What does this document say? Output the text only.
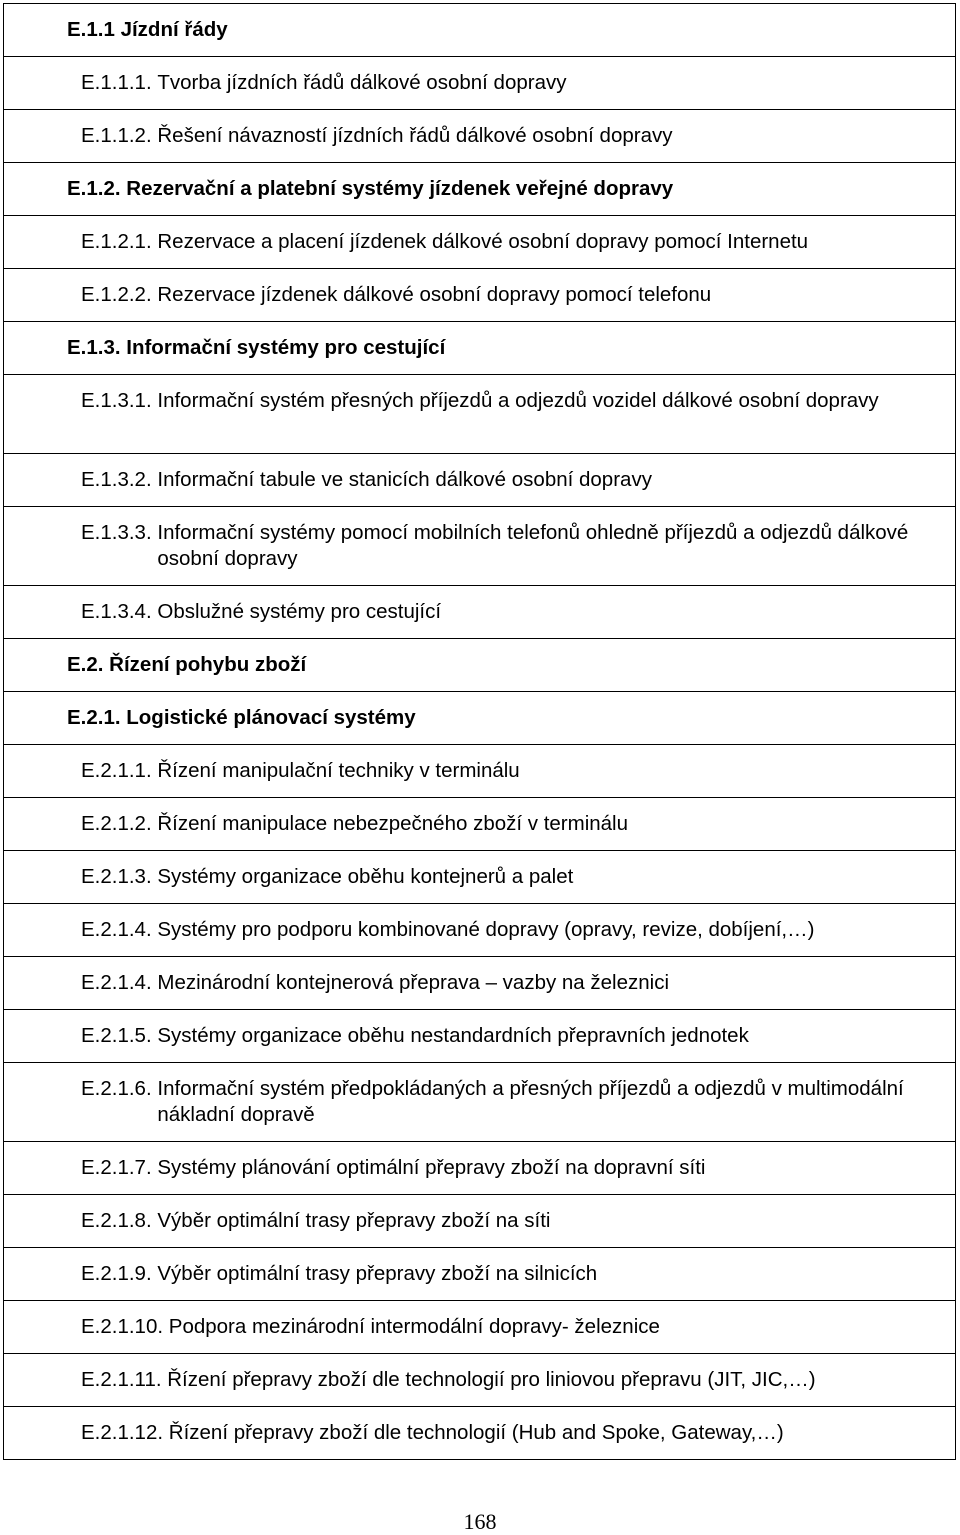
E.1.1
Jízdní řády

E.1.1.1.
Tvorba jízdních řádů dálkové osobní dopravy

E.1.1.2.
Řešení návazností jízdních řádů dálkové osobní dopravy

E.1.2.
Rezervační a platební systémy jízdenek veřejné dopravy

E.1.2.1.
Rezervace a placení jízdenek dálkové osobní dopravy pomocí Internetu

E.1.2.2.
Rezervace jízdenek dálkové osobní dopravy pomocí telefonu

E.1.3.
Informační systémy pro cestující

E.1.3.1.
Informační systém přesných příjezdů a odjezdů vozidel dálkové osobní dopravy

E.1.3.2.
Informační tabule ve stanicích dálkové osobní dopravy

E.1.3.3.
Informační systémy pomocí mobilních telefonů ohledně příjezdů a odjezdů dálkové osobní dopravy

E.1.3.4.
Obslužné systémy pro cestující

E.2.
Řízení pohybu zboží

E.2.1.
Logistické plánovací systémy

E.2.1.1.
Řízení manipulační techniky v terminálu

E.2.1.2.
Řízení manipulace nebezpečného zboží v terminálu

E.2.1.3.
Systémy organizace oběhu kontejnerů a palet

E.2.1.4.
Systémy pro podporu kombinované dopravy (opravy, revize, dobíjení,…)

E.2.1.4.
Mezinárodní kontejnerová přeprava – vazby na železnici

E.2.1.5.
Systémy organizace oběhu nestandardních přepravních jednotek

E.2.1.6.
Informační systém předpokládaných a přesných příjezdů a odjezdů v multimodální nákladní dopravě

E.2.1.7.
Systémy plánování optimální přepravy zboží na dopravní síti

E.2.1.8.
Výběr optimální trasy přepravy zboží na síti

E.2.1.9.
Výběr optimální trasy přepravy zboží na silnicích

E.2.1.10.
Podpora mezinárodní intermodální dopravy- železnice

E.2.1.11.
Řízení přepravy zboží dle technologií pro liniovou přepravu (JIT, JIC,…)

E.2.1.12.
Řízení přepravy zboží dle technologií (Hub and Spoke, Gateway,…)
168
